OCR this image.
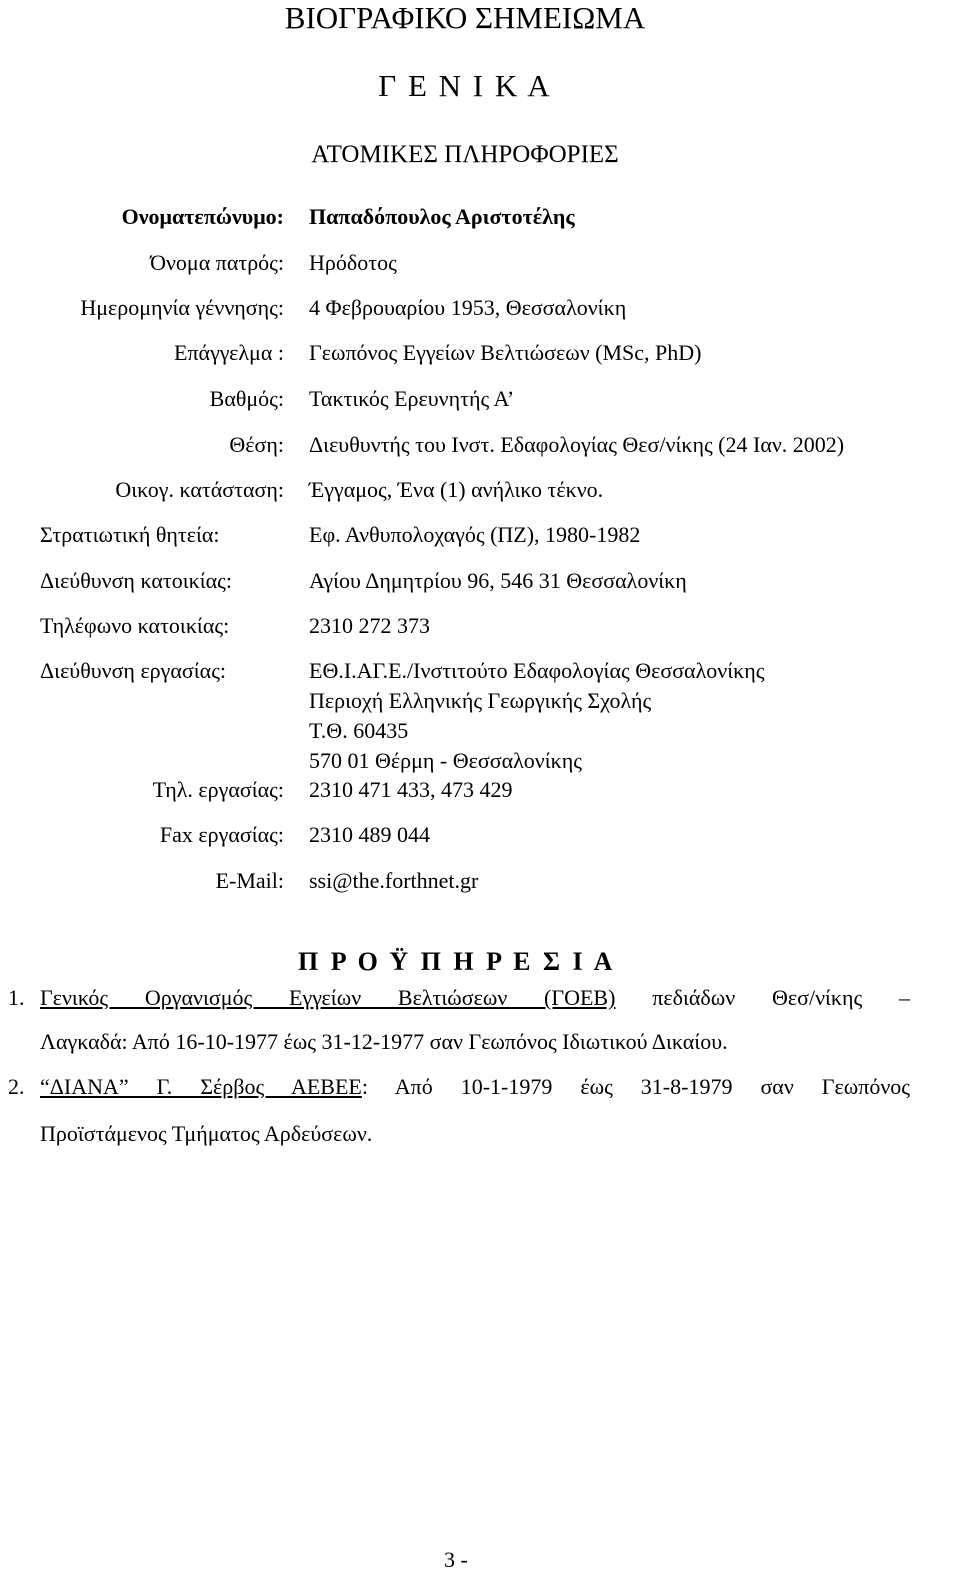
ΒΙΟΓΡΑΦΙΚΟ ΣΗΜΕΙΩΜΑ
Γ Ε Ν Ι Κ Α
ΑΤΟΜΙΚΕΣ ΠΛΗΡΟΦΟΡΙΕΣ
Ονοματεπώνυμο: Παπαδόπουλος Αριστοτέλης
Όνομα πατρός: Ηρόδοτος
Ημερομηνία γέννησης: 4 Φεβρουαρίου 1953, Θεσσαλονίκη
Επάγγελμα : Γεωπόνος Εγγείων Βελτιώσεων (MSc, PhD)
Βαθμός: Τακτικός Ερευνητής Α’
Θέση: Διευθυντής του Ινστ. Εδαφολογίας Θεσ/νίκης (24 Ιαν. 2002)
Οικογ. κατάσταση: Έγγαμος, Ένα (1) ανήλικο τέκνο.
Στρατιωτική θητεία:	Εφ. Ανθυπολοχαγός (ΠΖ), 1980-1982
Διεύθυνση κατοικίας:	Αγίου Δημητρίου 96, 546 31 Θεσσαλονίκη
Τηλέφωνο κατοικίας:	2310 272 373
Διεύθυνση εργασίας:	ΕΘ.Ι.ΑΓ.Ε./Ινστιτούτο Εδαφολογίας Θεσσαλονίκης
Περιοχή Ελληνικής Γεωργικής Σχολής
Τ.Θ. 60435
570 01 Θέρμη - Θεσσαλονίκης
Τηλ. εργασίας: 2310 471 433, 473 429
Fax εργασίας: 2310 489 044
E-Mail: ssi@the.forthnet.gr
Π Ρ Ο Ϋ Π Η Ρ Ε Σ Ι Α
1. Γενικός Οργανισμός Εγγείων Βελτιώσεων (ΓΟΕΒ) πεδιάδων Θεσ/νίκης –
Λαγκαδά: Από 16-10-1977 έως 31-12-1977 σαν Γεωπόνος Ιδιωτικού Δικαίου.
2. “ΔΙΑΝΑ” Γ. Σέρβος ΑΕΒΕΕ: Από 10-1-1979 έως 31-8-1979 σαν Γεωπόνος
Προϊστάμενος Τμήματος Αρδεύσεων.
3 -
